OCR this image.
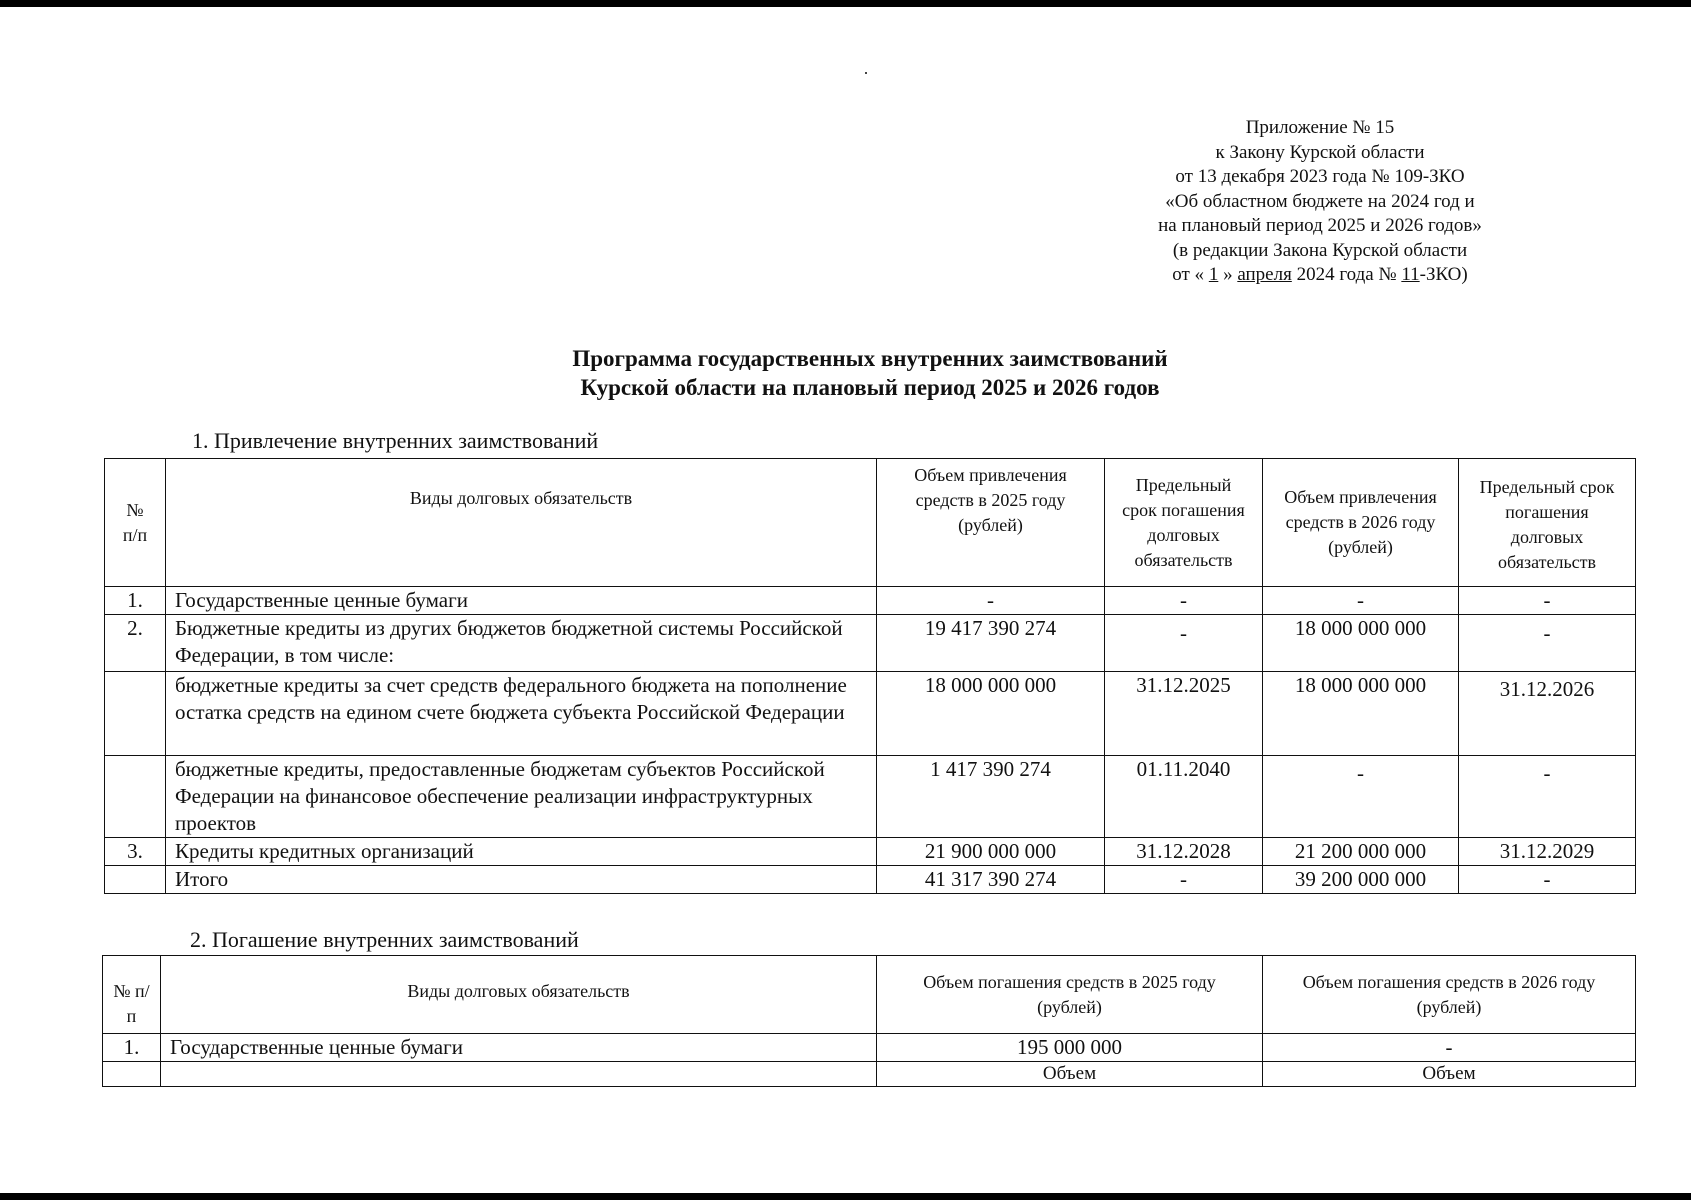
Приложение № 15
к Закону Курской области
от 13 декабря 2023 года № 109-ЗКО
«Об областном бюджете на 2024 год и
на плановый период 2025 и 2026 годов»
(в редакции Закона Курской области
от « 1 » апреля 2024 года № 11-ЗКО)
Программа государственных внутренних заимствований
Курской области на плановый период 2025 и 2026 годов
1. Привлечение внутренних заимствований
№ п/п	Виды долговых обязательств	Объем привлечения средств в 2025 году (рублей)	Предельный срок погашения долговых обязательств	Объем привлечения средств в 2026 году (рублей)	Предельный срок погашения долговых обязательств
1.	Государственные ценные бумаги	-	-	-	-
2.	Бюджетные кредиты из других бюджетов бюджетной системы Российской Федерации, в том числе:	19 417 390 274	-	18 000 000 000	-
	бюджетные кредиты за счет средств федерального бюджета на пополнение остатка средств на едином счете бюджета субъекта Российской Федерации	18 000 000 000	31.12.2025	18 000 000 000	31.12.2026
	бюджетные кредиты, предоставленные бюджетам субъектов Российской Федерации на финансовое обеспечение реализации инфраструктурных проектов	1 417 390 274	01.11.2040	-	-
3.	Кредиты кредитных организаций	21 900 000 000	31.12.2028	21 200 000 000	31.12.2029
	Итого	41 317 390 274	-	39 200 000 000	-
2. Погашение внутренних заимствований
№ п/п	Виды долговых обязательств	Объем погашения средств в 2025 году (рублей)	Объем погашения средств в 2026 году (рублей)
1.	Государственные ценные бумаги	195 000 000	-
		Объем	Объем
